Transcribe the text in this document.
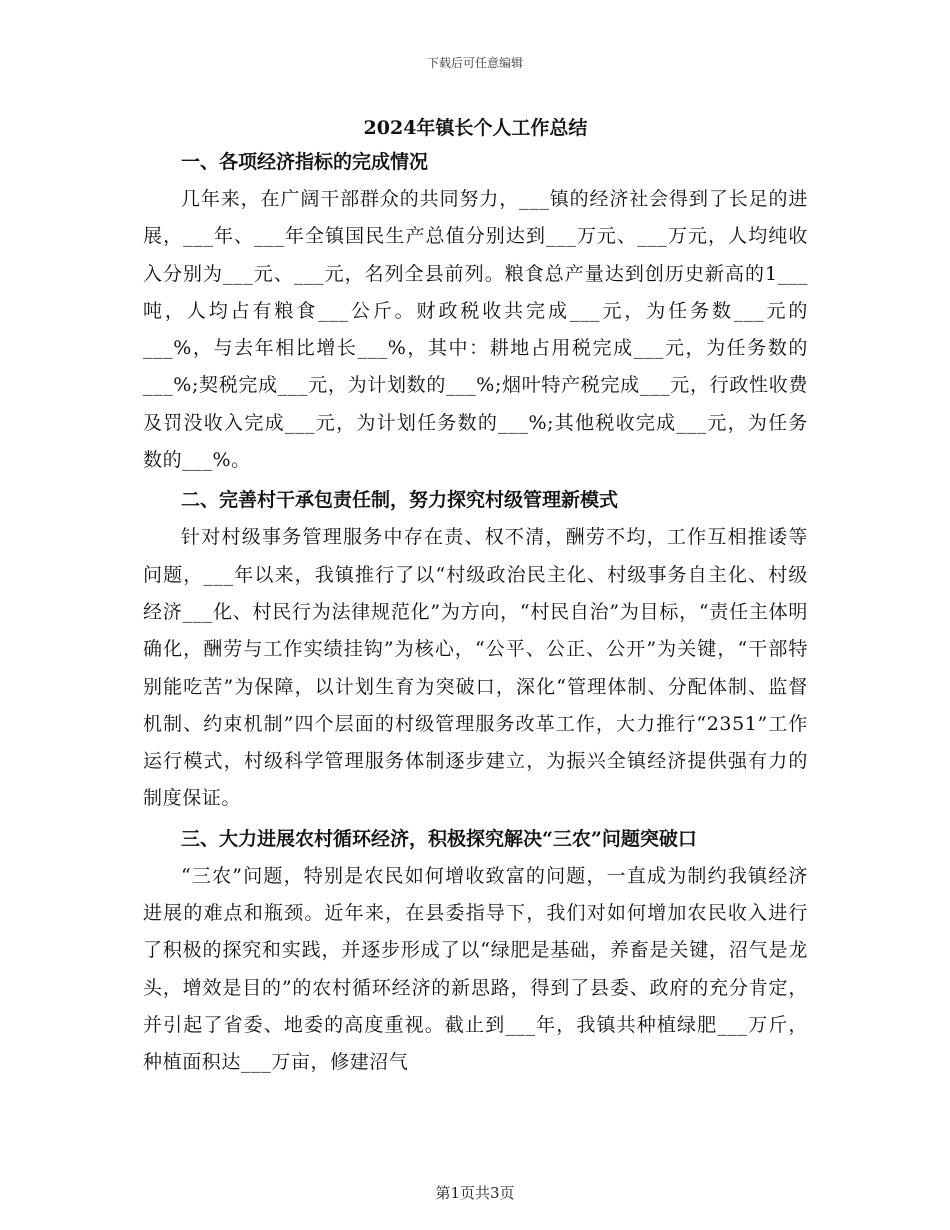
下载后可任意编辑
2024年镇长个人工作总结
一、各项经济指标的完成情况

几年来，在广阔干部群众的共同努力，___镇的经济社会得到了长足的进展，___年、___年全镇国民生产总值分别达到___万元、___万元，人均纯收入分别为___元、___元，名列全县前列。粮食总产量达到创历史新高的1___吨，人均占有粮食___公斤。财政税收共完成___元，为任务数___元的___%，与去年相比增长___%，其中：耕地占用税完成___元，为任务数的___%;契税完成___元，为计划数的___%;烟叶特产税完成___元，行政性收费及罚没收入完成___元，为计划任务数的___%;其他税收完成___元，为任务数的___%。

二、完善村干承包责任制，努力探究村级管理新模式

针对村级事务管理服务中存在责、权不清，酬劳不均，工作互相推诿等问题，___年以来，我镇推行了以“村级政治民主化、村级事务自主化、村级经济___化、村民行为法律规范化”为方向，“村民自治”为目标，“责任主体明确化，酬劳与工作实绩挂钩”为核心，“公平、公正、公开”为关键，“干部特别能吃苦”为保障，以计划生育为突破口，深化“管理体制、分配体制、监督机制、约束机制”四个层面的村级管理服务改革工作，大力推行“2351”工作运行模式，村级科学管理服务体制逐步建立，为振兴全镇经济提供强有力的制度保证。

三、大力进展农村循环经济，积极探究解决“三农”问题突破口

“三农”问题，特别是农民如何增收致富的问题，一直成为制约我镇经济进展的难点和瓶颈。近年来，在县委指导下，我们对如何增加农民收入进行了积极的探究和实践，并逐步形成了以“绿肥是基础，养畜是关键，沼气是龙头，增效是目的”的农村循环经济的新思路，得到了县委、政府的充分肯定，并引起了省委、地委的高度重视。截止到___年，我镇共种植绿肥___万斤，种植面积达___万亩，修建沼气

第1页共3页
